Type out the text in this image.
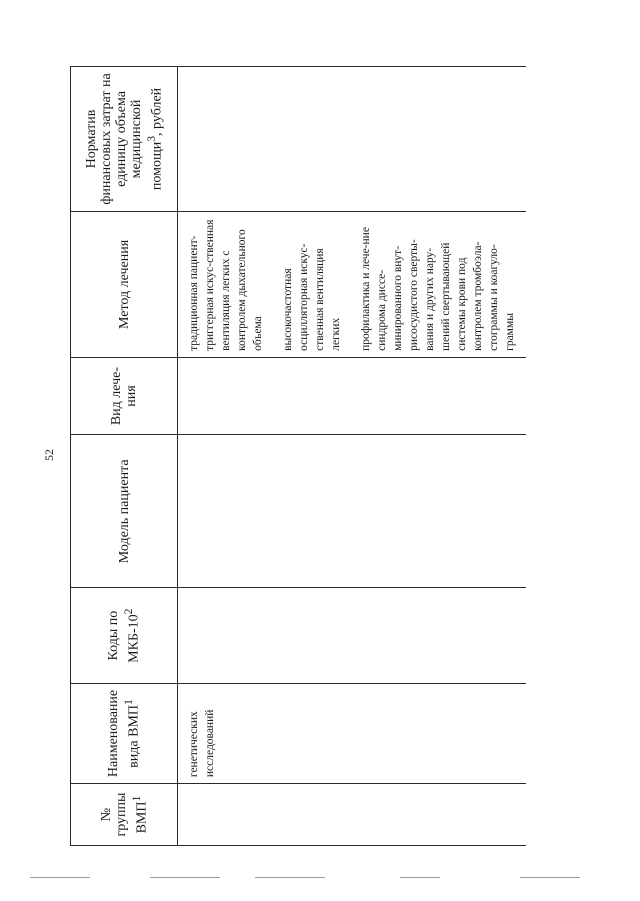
52
№ группы ВМП$^1$	Наименование вида ВМП$^1$	Коды по МКБ-$10^2$	Модель пациента	Вид лече-ния	Метод лечения	Норматив финансовых затрат на единицу объема медицинской помощи$^3$, рублей
	генетических исследований				традиционная пациент-триггерная искус-ственная вентиляция легких с контролем дыхательного объема высокочастотная осцилляторная искус-ственная вентиляция легких профилактика и лече-ние синдрома диссе-минированного внут-рисосудистого сверты-вания и других нару-шений свертывающей системы крови под контролем тромбоэла-стограммы и коагуло-граммы	
